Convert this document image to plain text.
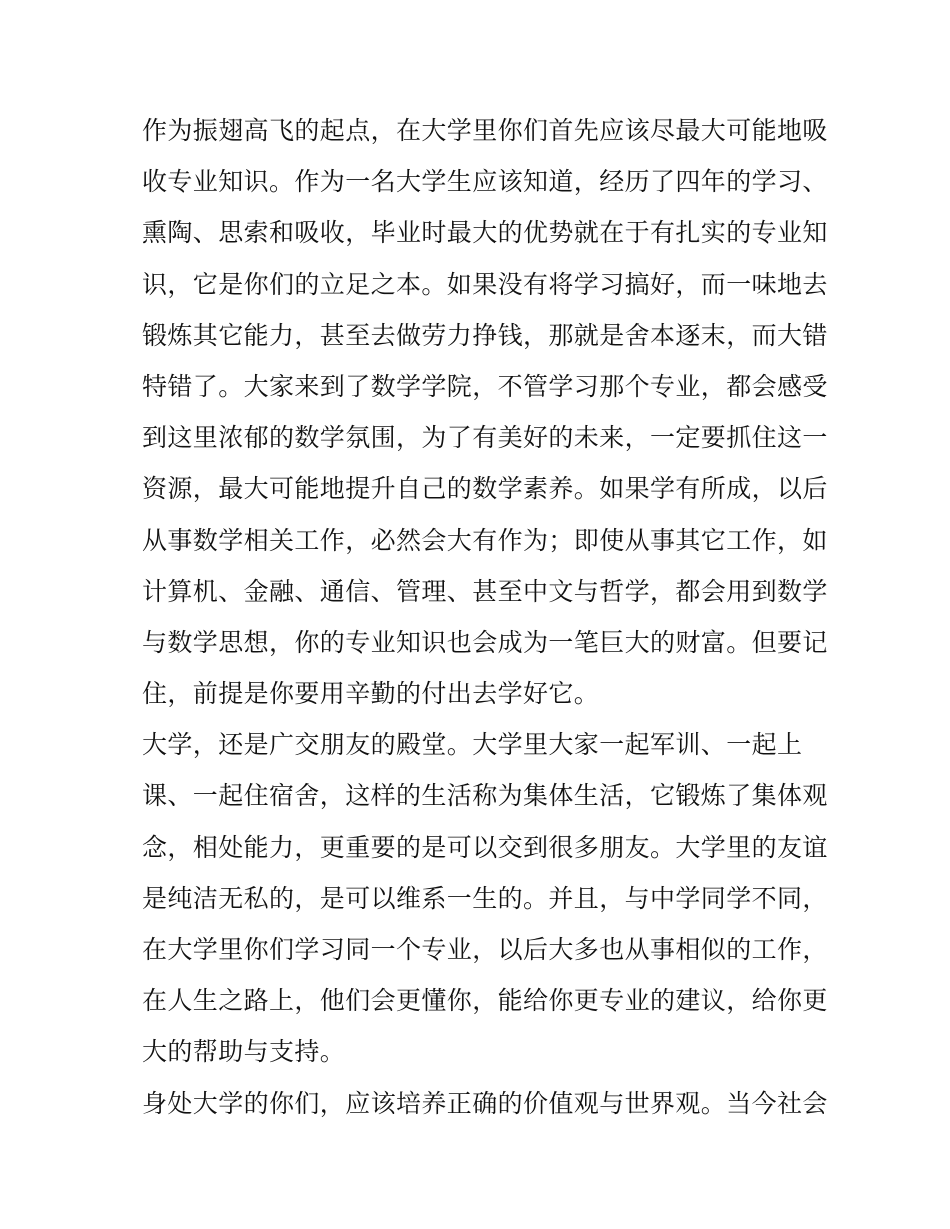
作为振翅高飞的起点，在大学里你们首先应该尽最大可能地吸
收专业知识。作为一名大学生应该知道，经历了四年的学习、
熏陶、思索和吸收，毕业时最大的优势就在于有扎实的专业知
识，它是你们的立足之本。如果没有将学习搞好，而一味地去
锻炼其它能力，甚至去做劳力挣钱，那就是舍本逐末，而大错
特错了。大家来到了数学学院，不管学习那个专业，都会感受
到这里浓郁的数学氛围，为了有美好的未来，一定要抓住这一
资源，最大可能地提升自己的数学素养。如果学有所成，以后
从事数学相关工作，必然会大有作为；即使从事其它工作，如
计算机、金融、通信、管理、甚至中文与哲学，都会用到数学
与数学思想，你的专业知识也会成为一笔巨大的财富。但要记
住，前提是你要用辛勤的付出去学好它。
大学，还是广交朋友的殿堂。大学里大家一起军训、一起上
课、一起住宿舍，这样的生活称为集体生活，它锻炼了集体观
念，相处能力，更重要的是可以交到很多朋友。大学里的友谊
是纯洁无私的，是可以维系一生的。并且，与中学同学不同，
在大学里你们学习同一个专业，以后大多也从事相似的工作，
在人生之路上，他们会更懂你，能给你更专业的建议，给你更
大的帮助与支持。
身处大学的你们，应该培养正确的价值观与世界观。当今社会
